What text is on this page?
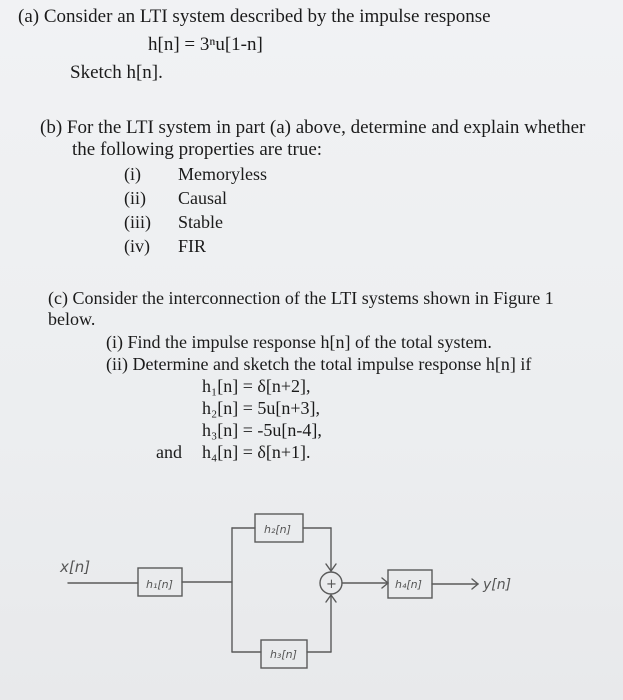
(a) Consider an LTI system described by the impulse response
h[n] = 3ⁿu[1-n]
Sketch h[n].
(b) For the LTI system in part (a) above, determine and explain whether
the following properties are true:
(i) Memoryless
(ii) Causal
(iii) Stable
(iv) FIR
(c) Consider the interconnection of the LTI systems shown in Figure 1
below.
(i) Find the impulse response h[n] of the total system.
(ii) Determine and sketch the total impulse response h[n] if
h₁[n] = δ[n+2],
h₂[n] = 5u[n+3],
h₃[n] = -5u[n-4],
and h₄[n] = δ[n+1].
x[n]
h₁[n]
h₂[n]
h₃[n]
h₄[n]
+	y[n]
